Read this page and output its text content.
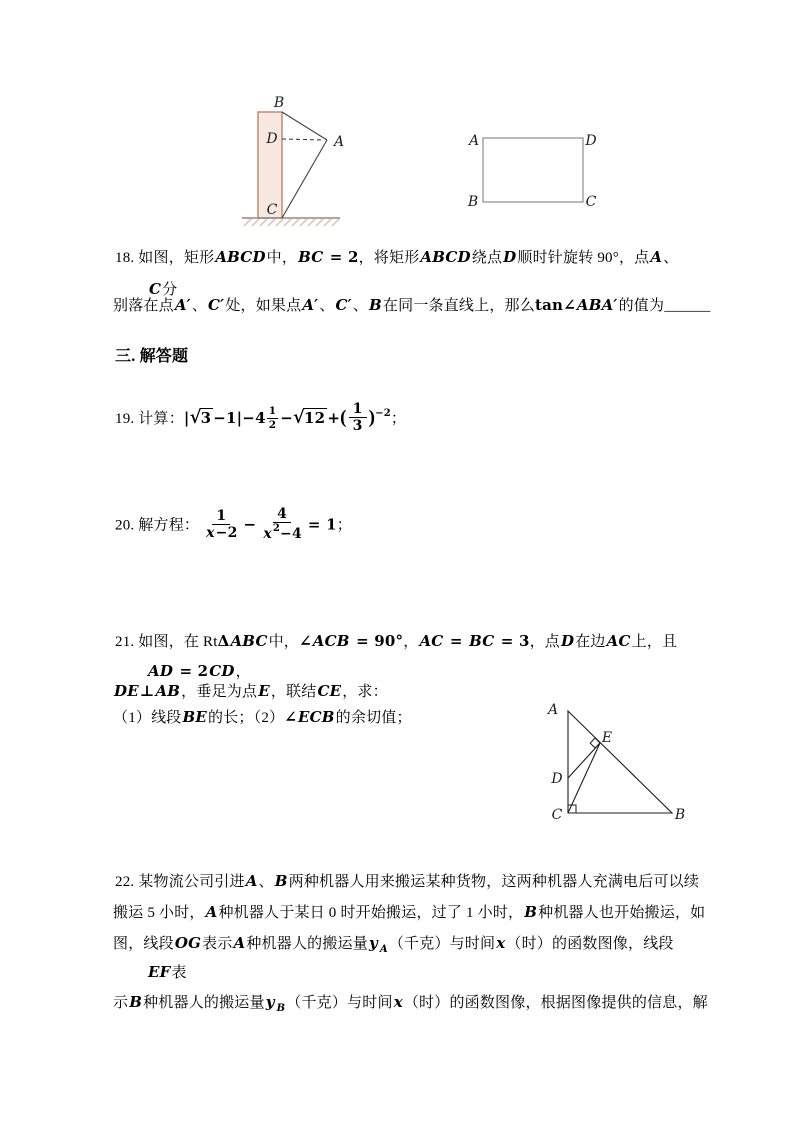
B
D	A
C
A	D
B	C
18. 如图，矩形ABCD中，BC = 2，将矩形ABCD绕点D顺时针旋转 90°，点A、
C分
别落在点A′、C′处，如果点A′、C′、B在同一条直线上，那么tan∠ABA′的值为______
三. 解答题
19. 计算：$|√3 -1|-4 \frac{1}{2} -√12$ +( $\frac{1}{3} )^{-2}$；
20. 解方程： $\frac{1}{x-2} - \frac{4}{x^2-4} = 1$；
21. 如图，在 RtΔABC中，∠ACB = 90°，AC = BC = 3，点D在边AC上，且
AD = 2CD，
DE⊥AB，垂足为点E，联结CE，求：
（1）线段BE的长；（2）∠ECB的余切值；	A
E
D
C	B
22. 某物流公司引进A、B两种机器人用来搬运某种货物，这两种机器人充满电后可以续
搬运 5 小时，A种机器人于某日 0 时开始搬运，过了 1 小时，B种机器人也开始搬运，如
图，线段OG表示A种机器人的搬运量y $_A$（千克）与时间x（时）的函数图像，线段
EF表
示B种机器人的搬运量y $_B$（千克）与时间x（时）的函数图像，根据图像提供的信息，解
